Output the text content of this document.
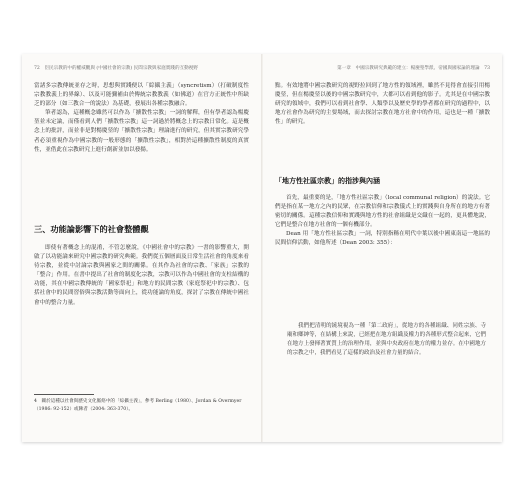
72　臣民宗教的中的權威觀與 (中國社會的宗教) 民間宗教與家庭實踐的互動視野

當諸多宗教傳統並存之時，思想與實踐便以「綜攝主義」（syncretism）（打破制度性宗教教義上的界線）、以及可能彌補由於傳統宗教教義（如佛道）在官方正統性中所缺乏的部分（如三教合一的說法）為基礎，發展出各種宗教融合。

筆者認為，這種概念雖然可以作為「擴散性宗教」一詞的解釋，但有學者認為楊慶堃並未定論，而僅看到人們「擴散性宗教」這一詞過於將概念上的宗教日常化。這是概念上的批評，而並非是對楊慶堃的「擴散性宗教」理論進行的研究，但其實宗教研究學者必須重視作為中國宗教的一般形態的「擴散性宗教」，相對於這種擴散性制度的真實性，並借此在宗教研究上進行創新並加以發揚。

三、功能論影響下的社會整體觀

即使有著概念上的混淆，不管怎麼說，《中國社會中的宗教》一書的影響重大，開啟了以功能論來研究中國宗教的研究典範。我們從五個層面及日常生活社會的角度來看待宗教，並從中討論宗教與國家之間的關係。在其作為社會的宗教、「家族」宗教的「整合」作用。在書中提出了社會的制度化宗教，宗教可以作為中國社會的支柱結構的功能，其在中國宗教傳統的「國家祭祀」和地方的民間宗教（家庭祭祀中的宗教）、包括社會中的民間習俗與宗教活動等面向上，從功能論的角度，探討了宗教在傳統中國社會中的整合力量。

4　關於這種以社會與歷史文化脈絡中的「綜攝主義」，參考 Berling（1980）、Jordan & Overmyer（1986: 92-152）或陳者（2004: 363-370）。
第一章　中國宗教研究典範的建立：楊慶堃學派、帝國與國家論的理論　73

點。有效地將中國宗教研究的視野拉回到了地方性的領域裡，雖然不見得會直接引用楊慶堃，但在楊慶堃以後的中國宗教研究中，大都可以看到他的影子。尤其是在中國宗教研究的領域中，我們可以看到社會學、人類學以及歷史學的學者都在研究的過程中，以地方社會作為研究的主要場域，而去探討宗教在地方社會中的作用，這也是一種「擴散性」的研究。

「地方性社區宗教」的指涉與內涵

首先，最重要的是，「地方性社區宗教」（local communal religion）的說法。它們是指在某一地方之內的民眾，在宗教信仰和宗教儀式上的實踐與自身所在的地方有著密切的關係。這種宗教信仰和實踐與地方性的社會組織是交織在一起的，更具體地說，它們是整合在地方社會的一個有機部分。

Dean 用「地方性社區宗教」一詞，特別指稱在明代中葉以後中國東南這一地區的民間信仰活動，如他所述（Dean 2003: 355）：

我們把清明的繞境視為一種「第二政府」，從地方的各種組織、同姓宗族、寺廟和鄉紳等，在結構上來說，已經把在地方組織及權力的各種形式整合起來，它們在地方上發揮著實質上的治理作用，並與中央政府在地方的權力並存。在中國地方的宗教之中，我們看見了這樣的政治及社會力量的結合。
